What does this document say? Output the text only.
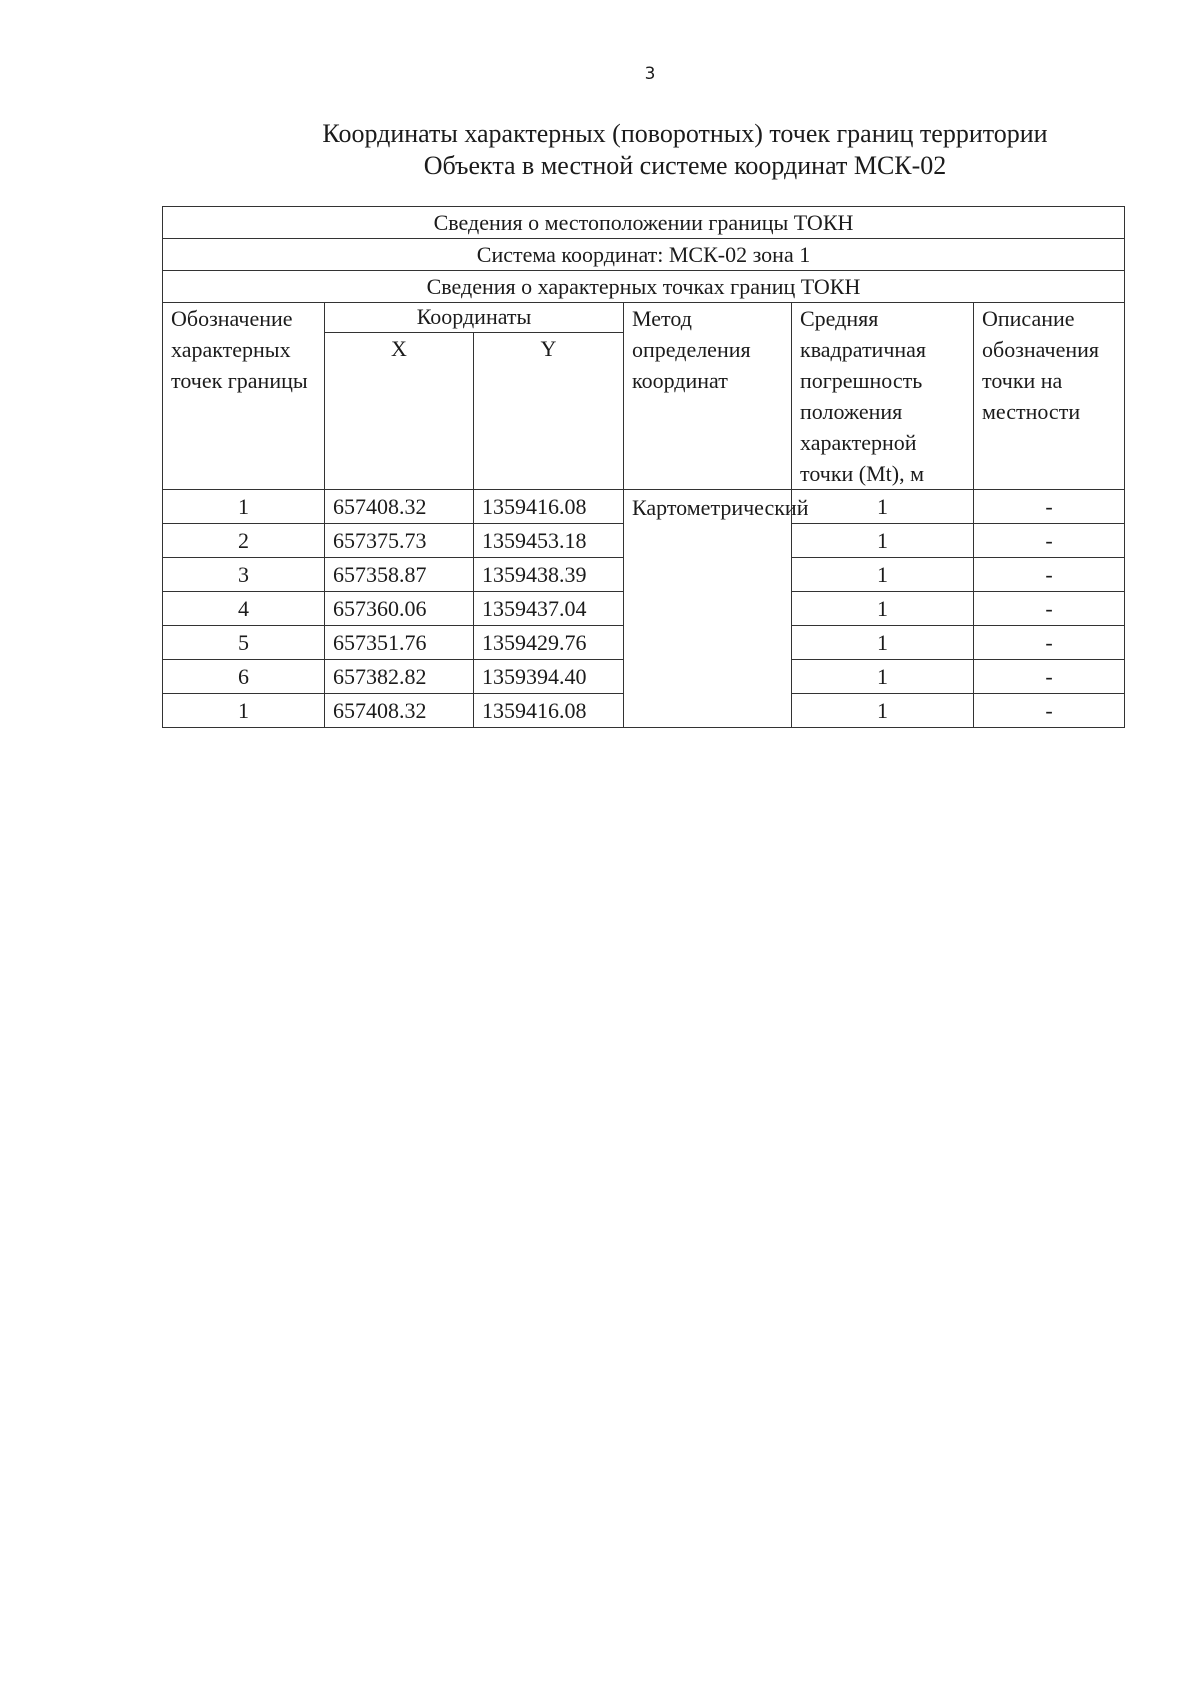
3
Координаты характерных (поворотных) точек границ территории
Объекта в местной системе координат МСК-02
Сведения о местоположении границы ТОКН					
Система координат: МСК-02 зона 1					
Сведения о характерных точках границ ТОКН					
Обозначение характерных точек границы	Координаты		Метод определения координат	Средняя квадратичная погрешность положения характерной точки (Mt), м	Описание обозначения точки на местности
	X	Y			
1	657408.32	1359416.08	Картометрический	1	-
2	657375.73	1359453.18		1	-
3	657358.87	1359438.39		1	-
4	657360.06	1359437.04		1	-
5	657351.76	1359429.76		1	-
6	657382.82	1359394.40		1	-
1	657408.32	1359416.08		1	-
